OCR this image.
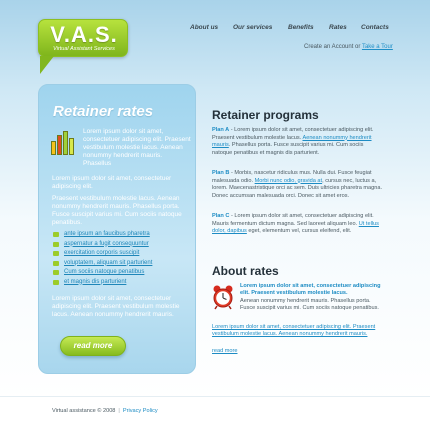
V.A.S.
Virtual Assistant Services
About us Our services Benefits Rates Contacts
Create an Account or Take a Tour
Retainer rates
Lorem ipsum dolor sit amet, consectetuer adipiscing elit. Praesent vestibulum molestie lacus. Aenean nonummy hendrerit mauris. Phasellus
Lorem ipsum dolor sit amet, consectetuer adipiscing elit.
Praesent vestibulum molestie lacus. Aenean nonummy hendrerit mauris. Phasellus porta. Fusce suscipit varius mi. Cum sociis natoque penatibus.
ante ipsum an faucibus pharetra
aspernatur a fugit consequuntur
exercitation corporis suscipit
voluptatem, aliquam sit parturient
Cum sociis natoque penatibus
et magnis dis parturient
Lorem ipsum dolor sit amet, consectetuer adipiscing elit. Praesent vestibulum molestie lacus. Aenean nonummy hendrerit mauris.
read more
Retainer programs
Plan A - Lorem ipsum dolor sit amet, consectetuer adipiscing elit. Praesent vestibulum molestie lacus. Aenean nonummy hendrerit mauris. Phasellus porta. Fusce suscipit varius mi. Cum sociis natoque penatibus et magnis dis parturient.
Plan B - Morbis, nascetur ridiculus mus. Nulla dui. Fusce feugiat malesuada odio. Morbi nunc odio, gravida at, cursus nec, luctus a, lorem. Maecenastristique orci ac sem. Duis ultricies pharetra magna. Donec accumsan malesuada orci. Donec sit amet eros.
Plan C - Lorem ipsum dolor sit amet, consectetuer adipiscing elit. Mauris fermentum dictum magna. Sed laoreet aliquam leo. Ut tellus dolor, dapibus eget, elementum vel, cursus eleifend, elit.
About rates
Lorem ipsum dolor sit amet, consectetuer adipiscing elit. Praesent vestibulum molestie lacus.
Aenean nonummy hendrerit mauris. Phasellus porta. Fusce suscipit varius mi. Cum sociis natoque penatibus.
Lorem ipsum dolor sit amet, consectetuer adipiscing elit. Praesent vestibulum molestie lacus. Aenean nonummy hendrerit mauris.
read more
Virtual assistance © 2008 | Privacy Policy
